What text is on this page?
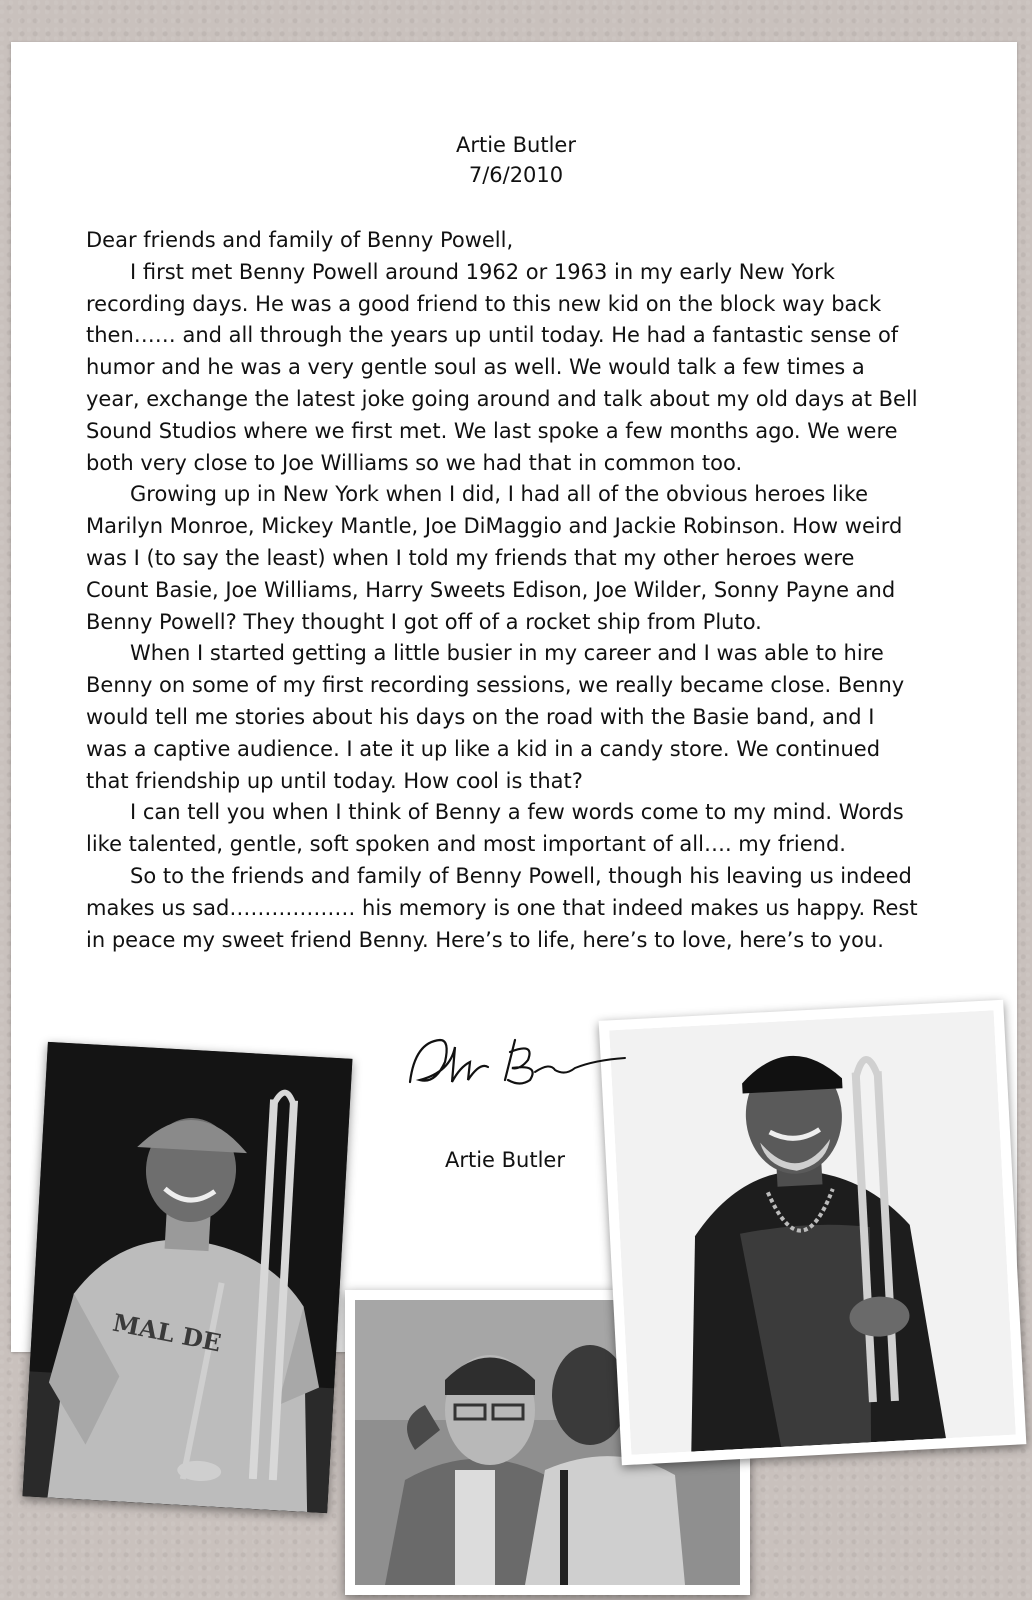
Artie Butler
7/6/2010

Dear friends and family of Benny Powell,

I first met Benny Powell around 1962 or 1963 in my early New York recording days. He was a good friend to this new kid on the block way back then…… and all through the years up until today. He had a fantastic sense of humor and he was a very gentle soul as well. We would talk a few times a year, exchange the latest joke going around and talk about my old days at Bell Sound Studios where we first met. We last spoke a few months ago. We were both very close to Joe Williams so we had that in common too.

Growing up in New York when I did, I had all of the obvious heroes like Marilyn Monroe, Mickey Mantle, Joe DiMaggio and Jackie Robinson. How weird was I (to say the least) when I told my friends that my other heroes were Count Basie, Joe Williams, Harry Sweets Edison, Joe Wilder, Sonny Payne and Benny Powell? They thought I got off of a rocket ship from Pluto.

When I started getting a little busier in my career and I was able to hire Benny on some of my first recording sessions, we really became close. Benny would tell me stories about his days on the road with the Basie band, and I was a captive audience. I ate it up like a kid in a candy store. We continued that friendship up until today. How cool is that?

I can tell you when I think of Benny a few words come to my mind. Words like talented, gentle, soft spoken and most important of all…. my friend.

So to the friends and family of Benny Powell, though his leaving us indeed makes us sad……………… his memory is one that indeed makes us happy. Rest in peace my sweet friend Benny. Here’s to life, here’s to love, here’s to you.

MAL DE
Artie Butler
